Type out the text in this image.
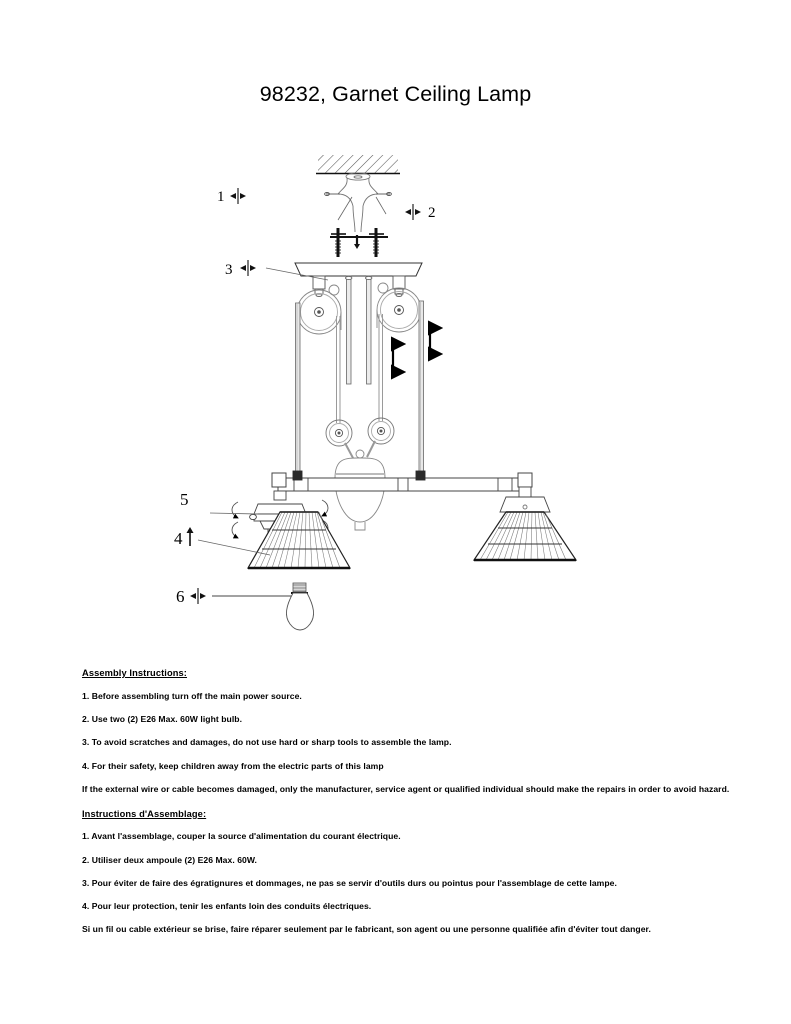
98232, Garnet Ceiling Lamp
1
2
3
4
5
6

Assembly Instructions:

1. Before assembling turn off the main power source.

2. Use two (2) E26 Max. 60W light bulb.

3. To avoid scratches and damages, do not use hard or sharp tools to assemble the lamp.

4. For their safety, keep children away from the electric parts of this lamp

If the external wire or cable becomes damaged, only the manufacturer, service agent or qualified individual should make the repairs in order to avoid hazard.

Instructions d'Assemblage:

1. Avant l'assemblage, couper la source d'alimentation du courant électrique.

2. Utiliser deux ampoule (2) E26 Max. 60W.

3. Pour éviter de faire des égratignures et dommages, ne pas se servir d'outils durs ou pointus pour l'assemblage de cette lampe.

4. Pour leur protection, tenir les enfants loin des conduits électriques.

Si un fil ou cable extérieur se brise, faire réparer seulement par le fabricant, son agent ou une personne qualifiée afin d'éviter tout danger.
